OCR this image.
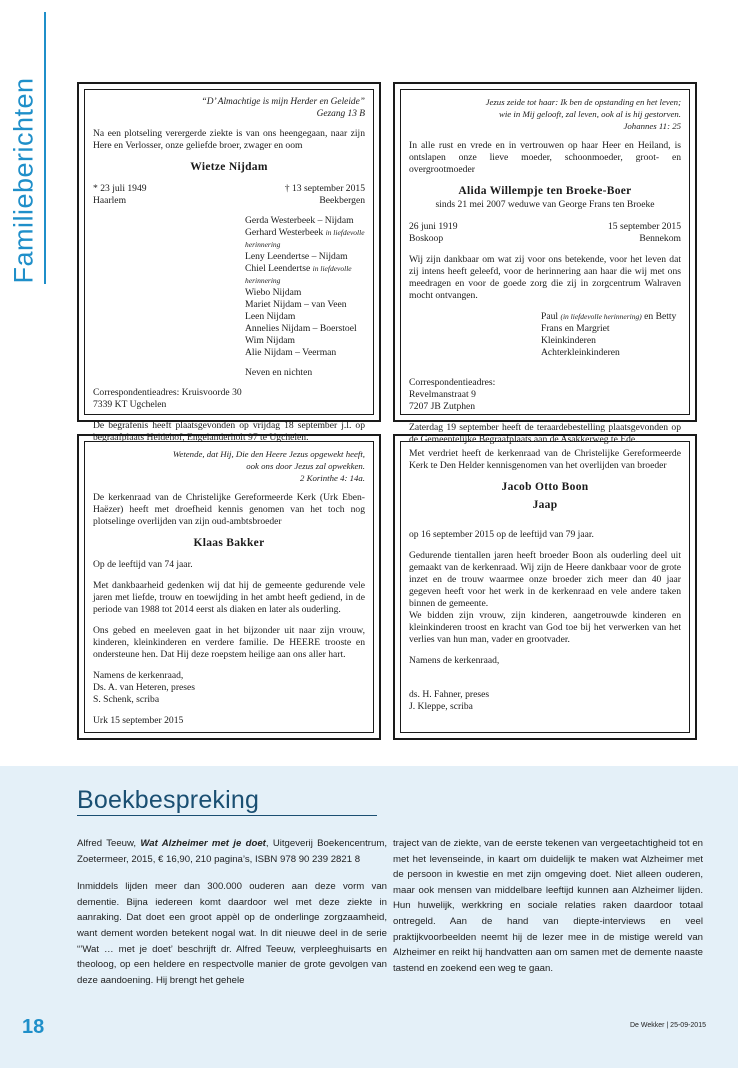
Familieberichten	“D’ Almachtige is mijn Herder en Geleide”
Gezang 13 B
Na een plotseling verergerde ziekte is van ons heengegaan, naar zijn Here en Verlosser, onze geliefde broer, zwager en oom
Wietze Nijdam
* 23 juli 1949	† 13 september 2015
Haarlem	Beekbergen
Gerda Westerbeek – Nijdam
Gerhard Westerbeek in liefdevolle herinnering
Leny Leendertse – Nijdam
Chiel Leendertse in liefdevolle herinnering
Wiebo Nijdam
Mariet Nijdam – van Veen
Leen Nijdam
Annelies Nijdam – Boerstoel
Wim Nijdam
Alie Nijdam – Veerman
Neven en nichten
Correspondentieadres: Kruisvoorde 30
7339 KT Ugchelen
De begrafenis heeft plaatsgevonden op vrijdag 18 september j.l. op begraafplaats Heidehof, Engelanderholt 97 te Ugchelen.
Jezus zeide tot haar: Ik ben de opstanding en het leven;
wie in Mij gelooft, zal leven, ook al is hij gestorven.
Johannes 11: 25
In alle rust en vrede en in vertrouwen op haar Heer en Heiland, is ontslapen onze lieve moeder, schoonmoeder, groot- en overgrootmoeder
Alida Willempje ten Broeke-Boer
sinds 21 mei 2007 weduwe van George Frans ten Broeke
26 juni 1919	15 september 2015
Boskoop	Bennekom
Wij zijn dankbaar om wat zij voor ons betekende, voor het leven dat zij intens heeft geleefd, voor de herinnering aan haar die wij met ons meedragen en voor de goede zorg die zij in zorgcentrum Walraven mocht ontvangen.
Paul (in liefdevolle herinnering) en Betty
Frans en Margriet
Kleinkinderen
Achterkleinkinderen
Correspondentieadres:
Revelmanstraat 9
7207 JB Zutphen
Zaterdag 19 september heeft de teraardebestelling plaatsgevonden op de Gemeentelijke Begraafplaats aan de Asakkerweg te Ede.
Wetende, dat Hij, Die den Heere Jezus opgewekt heeft,
ook ons door Jezus zal opwekken.
2 Korinthe 4: 14a.
De kerkenraad van de Christelijke Gereformeerde Kerk (Urk Eben-Haëzer) heeft met droefheid kennis genomen van het toch nog plotselinge overlijden van zijn oud-ambtsbroeder
Klaas Bakker
Op de leeftijd van 74 jaar.
Met dankbaarheid gedenken wij dat hij de gemeente gedurende vele jaren met liefde, trouw en toewijding in het ambt heeft gediend, in de periode van 1988 tot 2014 eerst als diaken en later als ouderling.
Ons gebed en meeleven gaat in het bijzonder uit naar zijn vrouw, kinderen, kleinkinderen en verdere familie. De HEERE trooste en ondersteune hen. Dat Hij deze roepstem heilige aan ons aller hart.
Namens de kerkenraad,
Ds. A. van Heteren, preses
S. Schenk, scriba
Urk 15 september 2015
Met verdriet heeft de kerkenraad van de Christelijke Gereformeerde Kerk te Den Helder kennisgenomen van het overlijden van broeder
Jacob Otto Boon
Jaap
op 16 september 2015 op de leeftijd van 79 jaar.
Gedurende tientallen jaren heeft broeder Boon als ouderling deel uit gemaakt van de kerkenraad. Wij zijn de Heere dankbaar voor de grote inzet en de trouw waarmee onze broeder zich meer dan 40 jaar gegeven heeft voor het werk in de kerkenraad en vele andere taken binnen de gemeente.
We bidden zijn vrouw, zijn kinderen, aangetrouwde kinderen en kleinkinderen troost en kracht van God toe bij het verwerken van het verlies van hun man, vader en grootvader.
Namens de kerkenraad,
ds. H. Fahner, preses
J. Kleppe, scriba
Boekbespreking
Alfred Teeuw, Wat Alzheimer met je doet, Uitgeverij Boekencentrum, Zoetermeer, 2015, € 16,90, 210 pagina’s, ISBN 978 90 239 2821 8
Inmiddels lijden meer dan 300.000 ouderen aan deze vorm van dementie. Bijna iedereen komt daardoor wel met deze ziekte in aanraking. Dat doet een groot appèl op de onderlinge zorgzaamheid, want dement worden betekent nogal wat. In dit nieuwe deel in de serie “’Wat … met je doet’ beschrijft dr. Alfred Teeuw, verpleeghuisarts en theoloog, op een heldere en respectvolle manier de grote gevolgen van deze aandoening. Hij brengt het gehele
traject van de ziekte, van de eerste tekenen van vergeetachtigheid tot en met het levenseinde, in kaart om duidelijk te maken wat Alzheimer met de persoon in kwestie en met zijn omgeving doet. Niet alleen ouderen, maar ook mensen van middelbare leeftijd kunnen aan Alzheimer lijden. Hun huwelijk, werkkring en sociale relaties raken daardoor totaal ontregeld. Aan de hand van diepte-interviews en veel praktijkvoorbeelden neemt hij de lezer mee in de mistige wereld van Alzheimer en reikt hij handvatten aan om samen met de demente naaste tastend en zoekend een weg te gaan.
18	De Wekker | 25-09-2015
